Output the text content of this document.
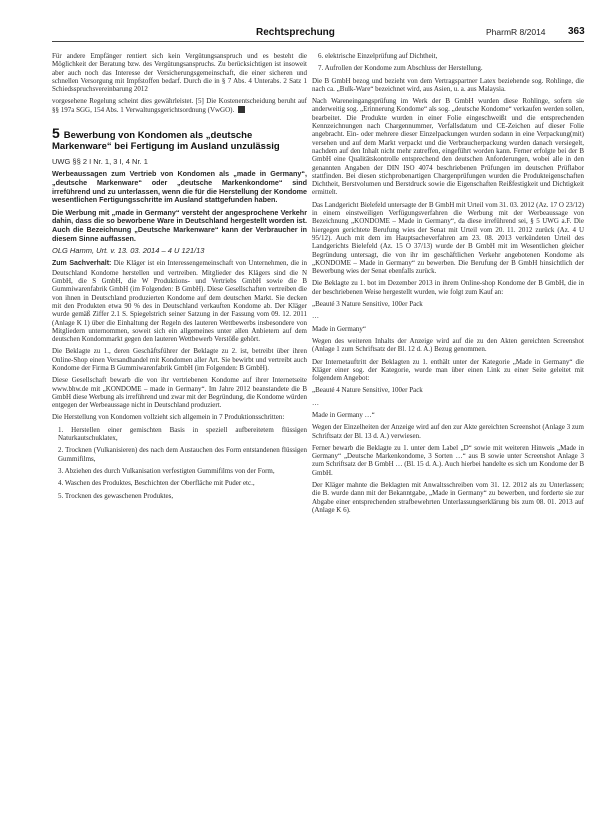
Rechtsprechung	PharmR 8/2014 363

Für andere Empfänger rentiert sich kein Vergütungsanspruch und es besteht die Möglichkeit der Beratung bzw. des Vergütungsanspruchs. Zu berücksichtigen ist insoweit aber auch noch das Interesse der Versicherungsgemeinschaft, die einer sicheren und schnellen Versorgung mit Impfstoffen bedarf. Durch die in § 7 Abs. 4 Unterabs. 2 Satz 1 Schiedsspruchsvereinbarung 2012

vorgesehene Regelung scheint dies gewährleistet. [5] Die Kostenentscheidung beruht auf §§ 197a SGG, 154 Abs. 1 Verwaltungsgerichtsordnung (VwGO).

5 Bewerbung von Kondomen als „deutsche Markenware“ bei Fertigung im Ausland unzulässig

UWG §§ 2 I Nr. 1, 3 I, 4 Nr. 1

Werbeaussagen zum Vertrieb von Kondomen als „made in Germany“, „deutsche Markenware“ oder „deutsche Markenkondome“ sind irreführend und zu unterlassen, wenn die für die Herstellung der Kondome wesentlichen Fertigungsschritte im Ausland stattgefunden haben.

Die Werbung mit „made in Germany“ versteht der angesprochene Verkehr dahin, dass die so beworbene Ware in Deutschland hergestellt worden ist. Auch die Bezeichnung „Deutsche Markenware“ kann der Verbraucher in diesem Sinne auffassen.

OLG Hamm, Urt. v. 13. 03. 2014 – 4 U 121/13

Zum Sachverhalt: Die Kläger ist ein Interessengemeinschaft von Unternehmen, die in Deutschland Kondome herstellen und vertreiben. Mitglieder des Klägers sind die N GmbH, die S GmbH, die W Produktions- und Vertriebs GmbH sowie die B Gummiwarenfabrik GmbH (im Folgenden: B GmbH). Diese Gesellschaften vertreiben die von ihnen in Deutschland produzierten Kondome auf dem deutschen Markt. Sie decken mit den Produkten etwa 90 % des in Deutschland verkauften Kondome ab. Der Kläger wurde gemäß Ziffer 2.1 S. Spiegelstrich seiner Satzung in der Fassung vom 09. 12. 2011 (Anlage K 1) über die Einhaltung der Regeln des lauteren Wettbewerbs insbesondere von Mitgliedern unternommen, soweit sich ein allgemeines unter allen Anbietern auf dem deutschen Kondommarkt gegen den lauteren Wettbewerb Verstöße gehört.

Die Beklagte zu 1., deren Geschäftsführer der Beklagte zu 2. ist, betreibt über ihren Online-Shop einen Versandhandel mit Kondomen aller Art. Sie bewirbt und vertreibt auch Kondome der Firma B Gummiwarenfabrik GmbH (im Folgenden: B GmbH).

Diese Gesellschaft bewarb die von ihr vertriebenen Kondome auf ihrer Internetseite www.bhw.de mit „KONDOME – made in Germany“. Im Jahre 2012 beanstandete die B GmbH diese Werbung als irreführend und zwar mit der Begründung, die Kondome würden entgegen der Werbeaussage nicht in Deutschland produziert.

Die Herstellung von Kondomen vollzieht sich allgemein in 7 Produktionsschritten:

1. Herstellen einer gemischten Basis in speziell aufbereitetem flüssigen Naturkautschuklatex,

2. Trocknen (Vulkanisieren) des nach dem Austauchen des Form entstandenen flüssigen Gummifilms,

3. Abziehen des durch Vulkanisation verfestigten Gummifilms von der Form,

4. Waschen des Produktes, Beschichten der Oberfläche mit Puder etc.,

5. Trocknen des gewaschenen Produktes,

6. elektrische Einzelprüfung auf Dichtheit,

7. Aufrollen der Kondome zum Abschluss der Herstellung.

Die B GmbH bezog und bezieht von dem Vertragspartner Latex beziehende sog. Rohlinge, die nach ca. „Bulk-Ware“ bezeichnet wird, aus Asien, u. a. aus Malaysia.

Nach Wareneingangsprüfung im Werk der B GmbH wurden diese Rohlinge, sofern sie anderweitig sog. „Erinnerung Kondome“ als sog. „deutsche Kondome“ verkaufen werden sollen, bearbeitet. Die Produkte wurden in einer Folie eingeschweißt und die entsprechenden Kennzeichnungen nach Chargennummer, Verfallsdatum und CE-Zeichen auf dieser Folie angebracht. Ein- oder mehrere dieser Einzelpackungen wurden sodann in eine Verpackung(mit) versehen und auf dem Markt verpackt und die Verbraucherpackung wurden danach versiegelt, nachdem auf den Inhalt nicht mehr zutreffen, eingeführt worden kann. Ferner erfolgte bei der B GmbH eine Qualitätskontrolle entsprechend den deutschen Anforderungen, wobei alle in den genannten Angaben der DIN ISO 4074 beschriebenen Prüfungen im deutschen Prüflabor stattfinden. Bei diesen stichprobenartigen Chargenprüfungen wurden die Produkteigenschaften Dichtheit, Berstvolumen und Berstdruck sowie die Eigenschaften Reißfestigkeit und Dichtigkeit ermittelt.

Das Landgericht Bielefeld untersagte der B GmbH mit Urteil vom 31. 03. 2012 (Az. 17 O 23/12) in einem einstweiligen Verfügungsverfahren die Werbung mit der Werbeaussage von Bezeichnung „KONDOME – Made in Germany“, da diese irreführend sei, § 5 UWG a.F. Die hiergegen gerichtete Berufung wies der Senat mit Urteil vom 20. 11. 2012 zurück (Az. 4 U 95/12). Auch mit dem im Hauptsacheverfahren am 23. 08. 2013 verkündeten Urteil des Landgerichts Bielefeld (Az. 15 O 37/13) wurde der B GmbH mit im Wesentlichen gleicher Begründung untersagt, die von ihr im geschäftlichen Verkehr angebotenen Kondome als „KONDOME – Made in Germany“ zu bewerben. Die Berufung der B GmbH hinsichtlich der Bewerbung wies der Senat ebenfalls zurück.

Die Beklagte zu 1. bot im Dezember 2013 in ihrem Online-shop Kondome der B GmbH, die in der beschriebenen Weise hergestellt wurden, wie folgt zum Kauf an:

„Beauté 3 Nature Sensitive, 100er Pack

…

Made in Germany“

Wegen des weiteren Inhalts der Anzeige wird auf die zu den Akten gereichten Screenshot (Anlage 1 zum Schriftsatz der Bl. 12 d. A.) Bezug genommen.

Der Internetauftritt der Beklagten zu 1. enthält unter der Kategorie „Made in Germany“ die Kläger einer sog. der Kategorie, wurde man über einen Link zu einer Seite geleitet mit folgendem Angebot:

„Beauté 4 Nature Sensitive, 100er Pack

…

Made in Germany …“

Wegen der Einzelheiten der Anzeige wird auf den zur Akte gereichten Screenshot (Anlage 3 zum Schriftsatz der Bl. 13 d. A.) verwiesen.

Ferner bewarb die Beklagte zu 1. unter dem Label „D“ sowie mit weiteren Hinweis „Made in Germany“ „Deutsche Markenkondome, 3 Sorten …“ aus B sowie unter Screenshot Anlage 3 zum Schriftsatz der B GmbH … (Bl. 15 d. A.). Auch hierbei handelte es sich um Kondome der B GmbH.

Der Kläger mahnte die Beklagten mit Anwaltsschreiben vom 31. 12. 2012 als zu Unterlassen; die B. wurde dann mit der Bekanntgabe, „Made in Germany“ zu bewerben, und forderte sie zur Abgabe einer entsprechenden strafbewehrten Unterlassungserklärung bis zum 08. 01. 2013 auf (Anlage K 6).
